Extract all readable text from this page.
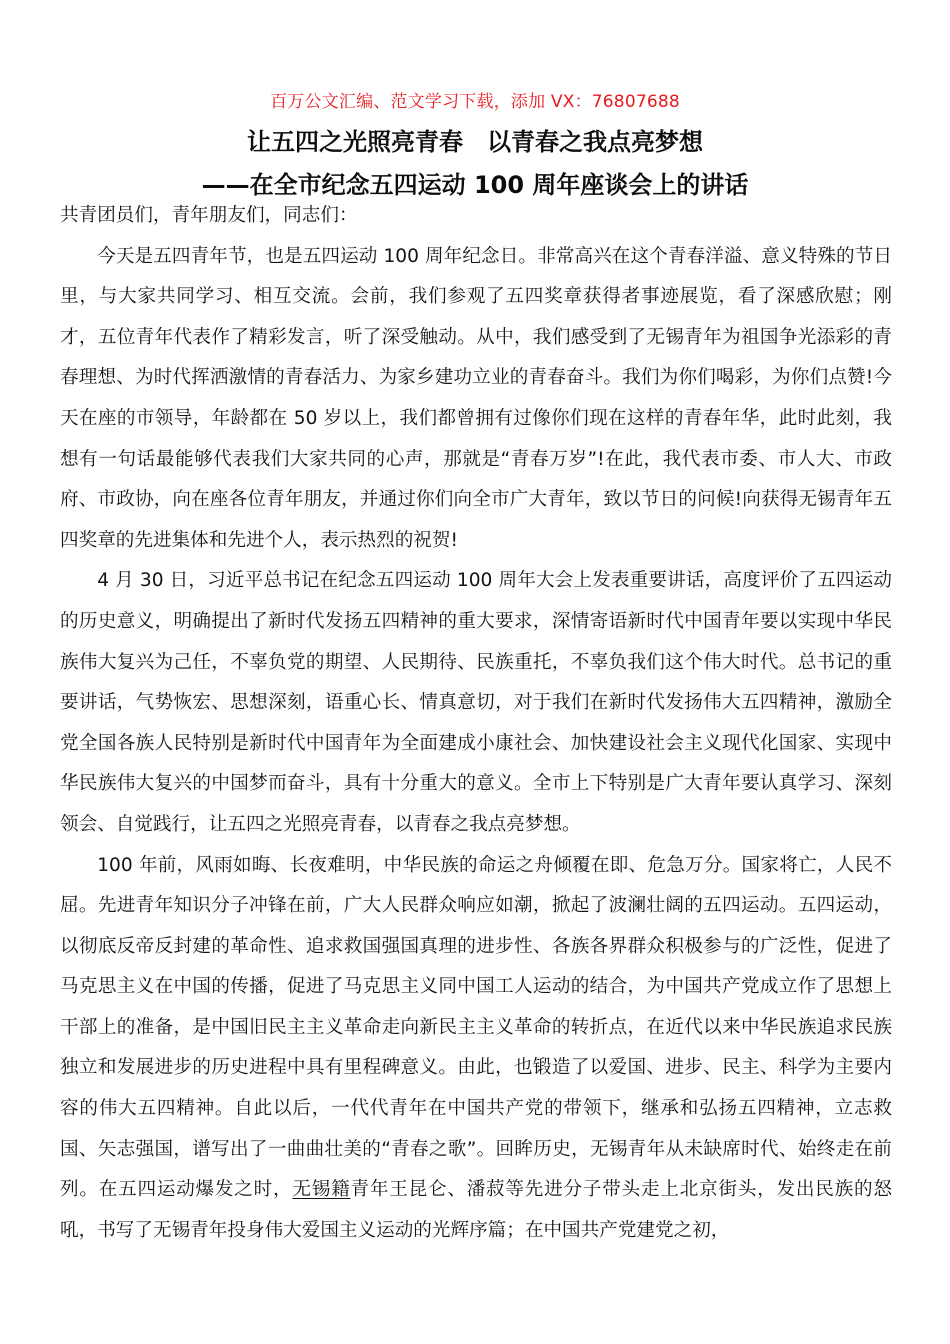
百万公文汇编、范文学习下载，添加 VX：76807688
让五四之光照亮青春　以青春之我点亮梦想
——在全市纪念五四运动 100 周年座谈会上的讲话

共青团员们，青年朋友们，同志们：

今天是五四青年节，也是五四运动 100 周年纪念日。非常高兴在这个青春洋溢、意义特殊的节日里，与大家共同学习、相互交流。会前，我们参观了五四奖章获得者事迹展览，看了深感欣慰；刚才，五位青年代表作了精彩发言，听了深受触动。从中，我们感受到了无锡青年为祖国争光添彩的青春理想、为时代挥洒激情的青春活力、为家乡建功立业的青春奋斗。我们为你们喝彩，为你们点赞!今天在座的市领导，年龄都在 50 岁以上，我们都曾拥有过像你们现在这样的青春年华，此时此刻，我想有一句话最能够代表我们大家共同的心声，那就是“青春万岁”!在此，我代表市委、市人大、市政府、市政协，向在座各位青年朋友，并通过你们向全市广大青年，致以节日的问候!向获得无锡青年五四奖章的先进集体和先进个人，表示热烈的祝贺!

4 月 30 日，习近平总书记在纪念五四运动 100 周年大会上发表重要讲话，高度评价了五四运动的历史意义，明确提出了新时代发扬五四精神的重大要求，深情寄语新时代中国青年要以实现中华民族伟大复兴为己任，不辜负党的期望、人民期待、民族重托，不辜负我们这个伟大时代。总书记的重要讲话，气势恢宏、思想深刻，语重心长、情真意切，对于我们在新时代发扬伟大五四精神，激励全党全国各族人民特别是新时代中国青年为全面建成小康社会、加快建设社会主义现代化国家、实现中华民族伟大复兴的中国梦而奋斗，具有十分重大的意义。全市上下特别是广大青年要认真学习、深刻领会、自觉践行，让五四之光照亮青春，以青春之我点亮梦想。

100 年前，风雨如晦、长夜难明，中华民族的命运之舟倾覆在即、危急万分。国家将亡，人民不屈。先进青年知识分子冲锋在前，广大人民群众响应如潮，掀起了波澜壮阔的五四运动。五四运动，以彻底反帝反封建的革命性、追求救国强国真理的进步性、各族各界群众积极参与的广泛性，促进了马克思主义在中国的传播，促进了马克思主义同中国工人运动的结合，为中国共产党成立作了思想上干部上的准备，是中国旧民主主义革命走向新民主主义革命的转折点，在近代以来中华民族追求民族独立和发展进步的历史进程中具有里程碑意义。由此，也锻造了以爱国、进步、民主、科学为主要内容的伟大五四精神。自此以后，一代代青年在中国共产党的带领下，继承和弘扬五四精神，立志救国、矢志强国，谱写出了一曲曲壮美的“青春之歌”。回眸历史，无锡青年从未缺席时代、始终走在前列。在五四运动爆发之时，无锡籍青年王昆仑、潘菽等先进分子带头走上北京街头，发出民族的怒吼，书写了无锡青年投身伟大爱国主义运动的光辉序篇；在中国共产党建党之初，
